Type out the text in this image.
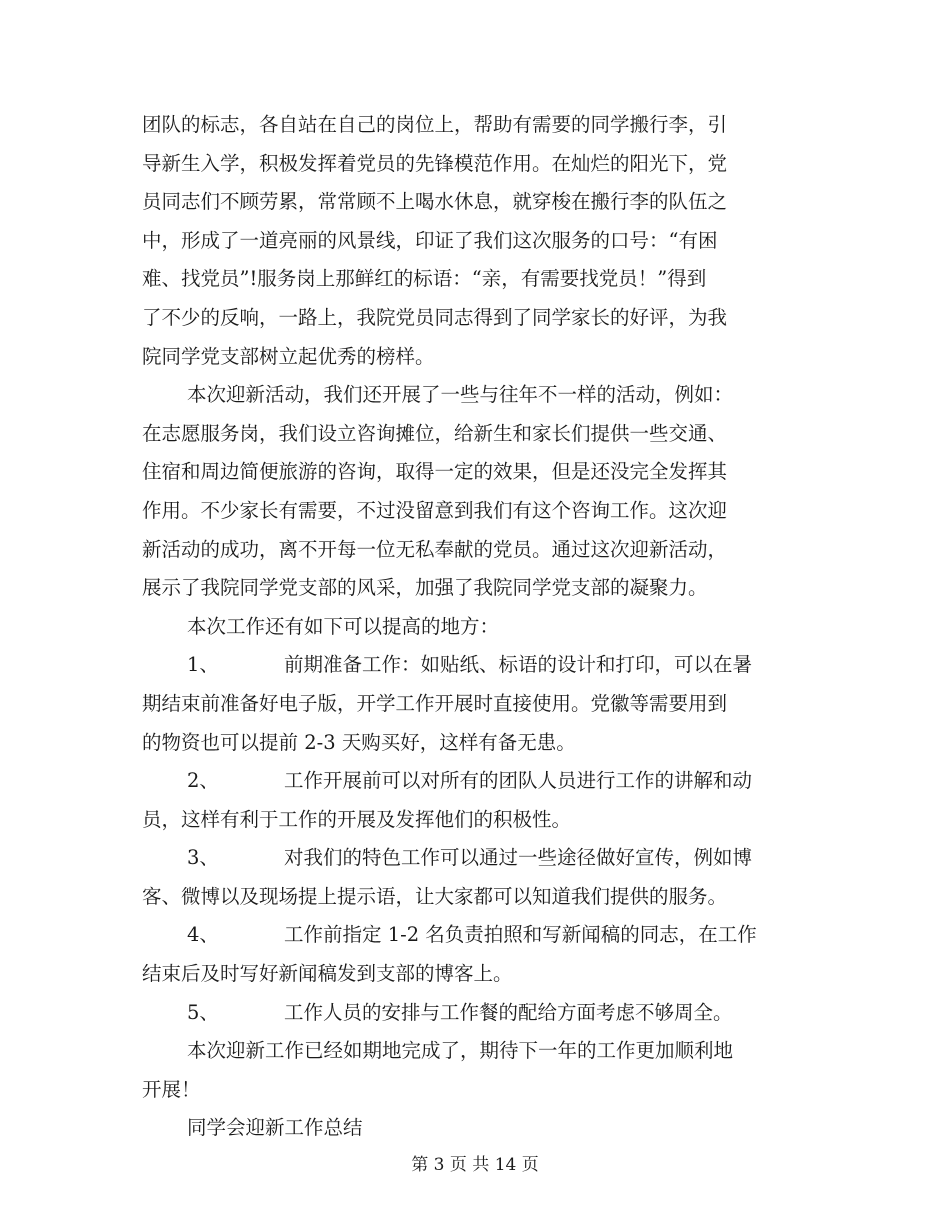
团队的标志，各自站在自己的岗位上，帮助有需要的同学搬行李，引
导新生入学，积极发挥着党员的先锋模范作用。在灿烂的阳光下，党
员同志们不顾劳累，常常顾不上喝水休息，就穿梭在搬行李的队伍之
中，形成了一道亮丽的风景线，印证了我们这次服务的口号：“有困
难、找党员”!服务岗上那鲜红的标语：“亲，有需要找党员！”得到
了不少的反响，一路上，我院党员同志得到了同学家长的好评，为我
院同学党支部树立起优秀的榜样。
本次迎新活动，我们还开展了一些与往年不一样的活动，例如：
在志愿服务岗，我们设立咨询摊位，给新生和家长们提供一些交通、
住宿和周边简便旅游的咨询，取得一定的效果，但是还没完全发挥其
作用。不少家长有需要，不过没留意到我们有这个咨询工作。这次迎
新活动的成功，离不开每一位无私奉献的党员。通过这次迎新活动，
展示了我院同学党支部的风采，加强了我院同学党支部的凝聚力。
本次工作还有如下可以提高的地方：
1、	前期准备工作：如贴纸、标语的设计和打印，可以在暑
期结束前准备好电子版，开学工作开展时直接使用。党徽等需要用到
的物资也可以提前 2-3 天购买好，这样有备无患。
2、	工作开展前可以对所有的团队人员进行工作的讲解和动
员，这样有利于工作的开展及发挥他们的积极性。
3、	对我们的特色工作可以通过一些途径做好宣传，例如博
客、微博以及现场提上提示语，让大家都可以知道我们提供的服务。
4、	工作前指定 1-2 名负责拍照和写新闻稿的同志，在工作
结束后及时写好新闻稿发到支部的博客上。
5、	工作人员的安排与工作餐的配给方面考虑不够周全。
本次迎新工作已经如期地完成了，期待下一年的工作更加顺利地
开展！
同学会迎新工作总结
第 3 页 共 14 页
